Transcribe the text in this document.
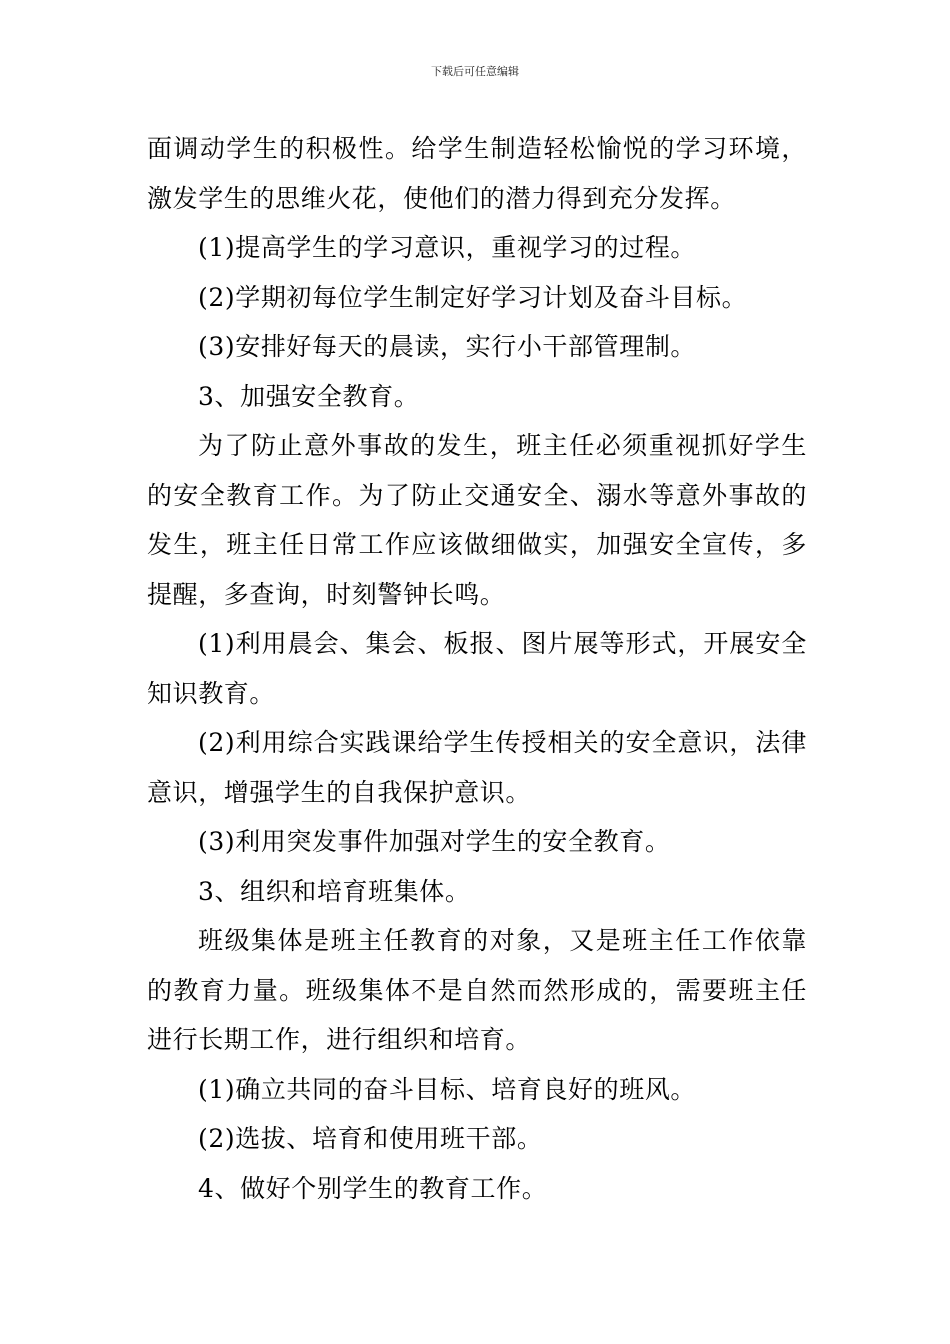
下载后可任意编辑

面调动学生的积极性。给学生制造轻松愉悦的学习环境，激发学生的思维火花，使他们的潜力得到充分发挥。

(1)提高学生的学习意识，重视学习的过程。

(2)学期初每位学生制定好学习计划及奋斗目标。

(3)安排好每天的晨读，实行小干部管理制。

3、加强安全教育。

为了防止意外事故的发生，班主任必须重视抓好学生的安全教育工作。为了防止交通安全、溺水等意外事故的发生，班主任日常工作应该做细做实，加强安全宣传，多提醒，多查询，时刻警钟长鸣。

(1)利用晨会、集会、板报、图片展等形式，开展安全知识教育。

(2)利用综合实践课给学生传授相关的安全意识，法律意识，增强学生的自我保护意识。

(3)利用突发事件加强对学生的安全教育。

3、组织和培育班集体。

班级集体是班主任教育的对象，又是班主任工作依靠的教育力量。班级集体不是自然而然形成的，需要班主任进行长期工作，进行组织和培育。

(1)确立共同的奋斗目标、培育良好的班风。

(2)选拔、培育和使用班干部。

4、做好个别学生的教育工作。
